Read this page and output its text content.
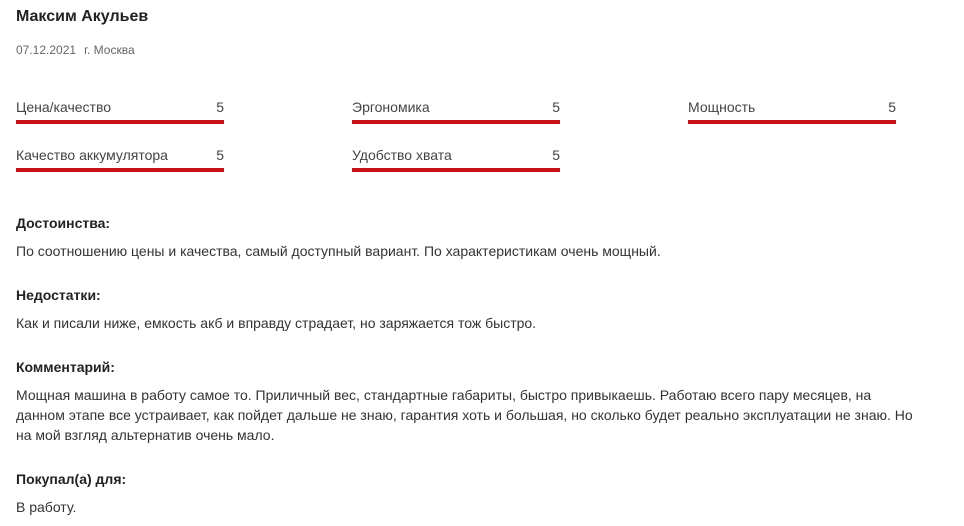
Максим Акульев
07.12.2021 г. Москва
Цена/качество	5	Эргономика	5	Мощность	5
Качество аккумулятора	5	Удобство хвата	5
Достоинства:
По соотношению цены и качества, самый доступный вариант. По характеристикам очень мощный.
Недостатки:
Как и писали ниже, емкость акб и вправду страдает, но заряжается тож быстро.
Комментарий:
Мощная машина в работу самое то. Приличный вес, стандартные габариты, быстро привыкаешь. Работаю всего пару месяцев, на данном этапе все устраивает, как пойдет дальше не знаю, гарантия хоть и большая, но сколько будет реально эксплуатации не знаю. Но на мой взгляд альтернатив очень мало.
Покупал(а) для:
В работу.
